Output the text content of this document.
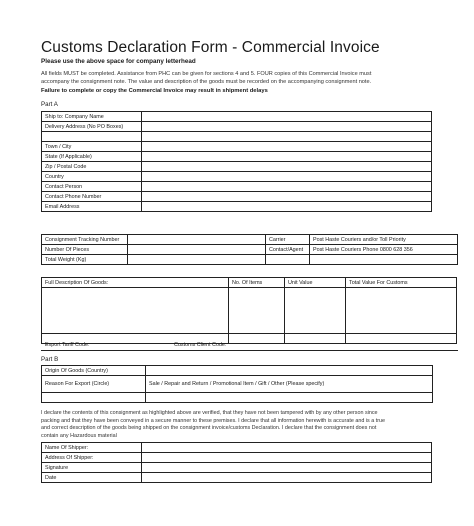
Customs Declaration Form - Commercial Invoice
Please use the above space for company letterhead
All fields MUST be completed. Assistance from PHC can be given for sections 4 and 5. FOUR copies of this Commercial Invoice must
accompany the consignment note. The value and description of the goods must be recorded on the accompanying consignment note.
Failure to complete or copy the Commercial Invoice may result in shipment delays
Part A
Ship to: Company Name	
Delivery Address (No PO Boxes)	

Town / City	
State (If Applicable)	
Zip / Postal Code	
Country	
Contact Person	
Contact Phone Number	
Email Address	
Consignment Tracking Number		Carrier	Post Haste Couriers and/or Toll Priority
Number Of Pieces		Contact/Agent	Post Haste Couriers Phone 0800 628 356
Total Weight (Kg)			
Full Description Of Goods:	No. Of Items	Unit Value	Total Value For Customs

Export Tariff Code:	Customs Client Code:
Part B
Origin Of Goods (Country)	
Reason For Export (Circle)	Sale / Repair and Return / Promotional Item / Gift / Other (Please specify)

I declare the contents of this consignment as highlighted above are verified, that they have not been tampered with by any other person since
packing and that they have been conveyed in a secure manner to these premises. I declare that all information herewith is accurate and is a true
and correct description of the goods being shipped on the consignment invoice/customs Declaration. I declare that the consignment does not
contain any Hazardous material
Name Of Shipper:	
Address Of Shipper:	
Signature	
Date	
